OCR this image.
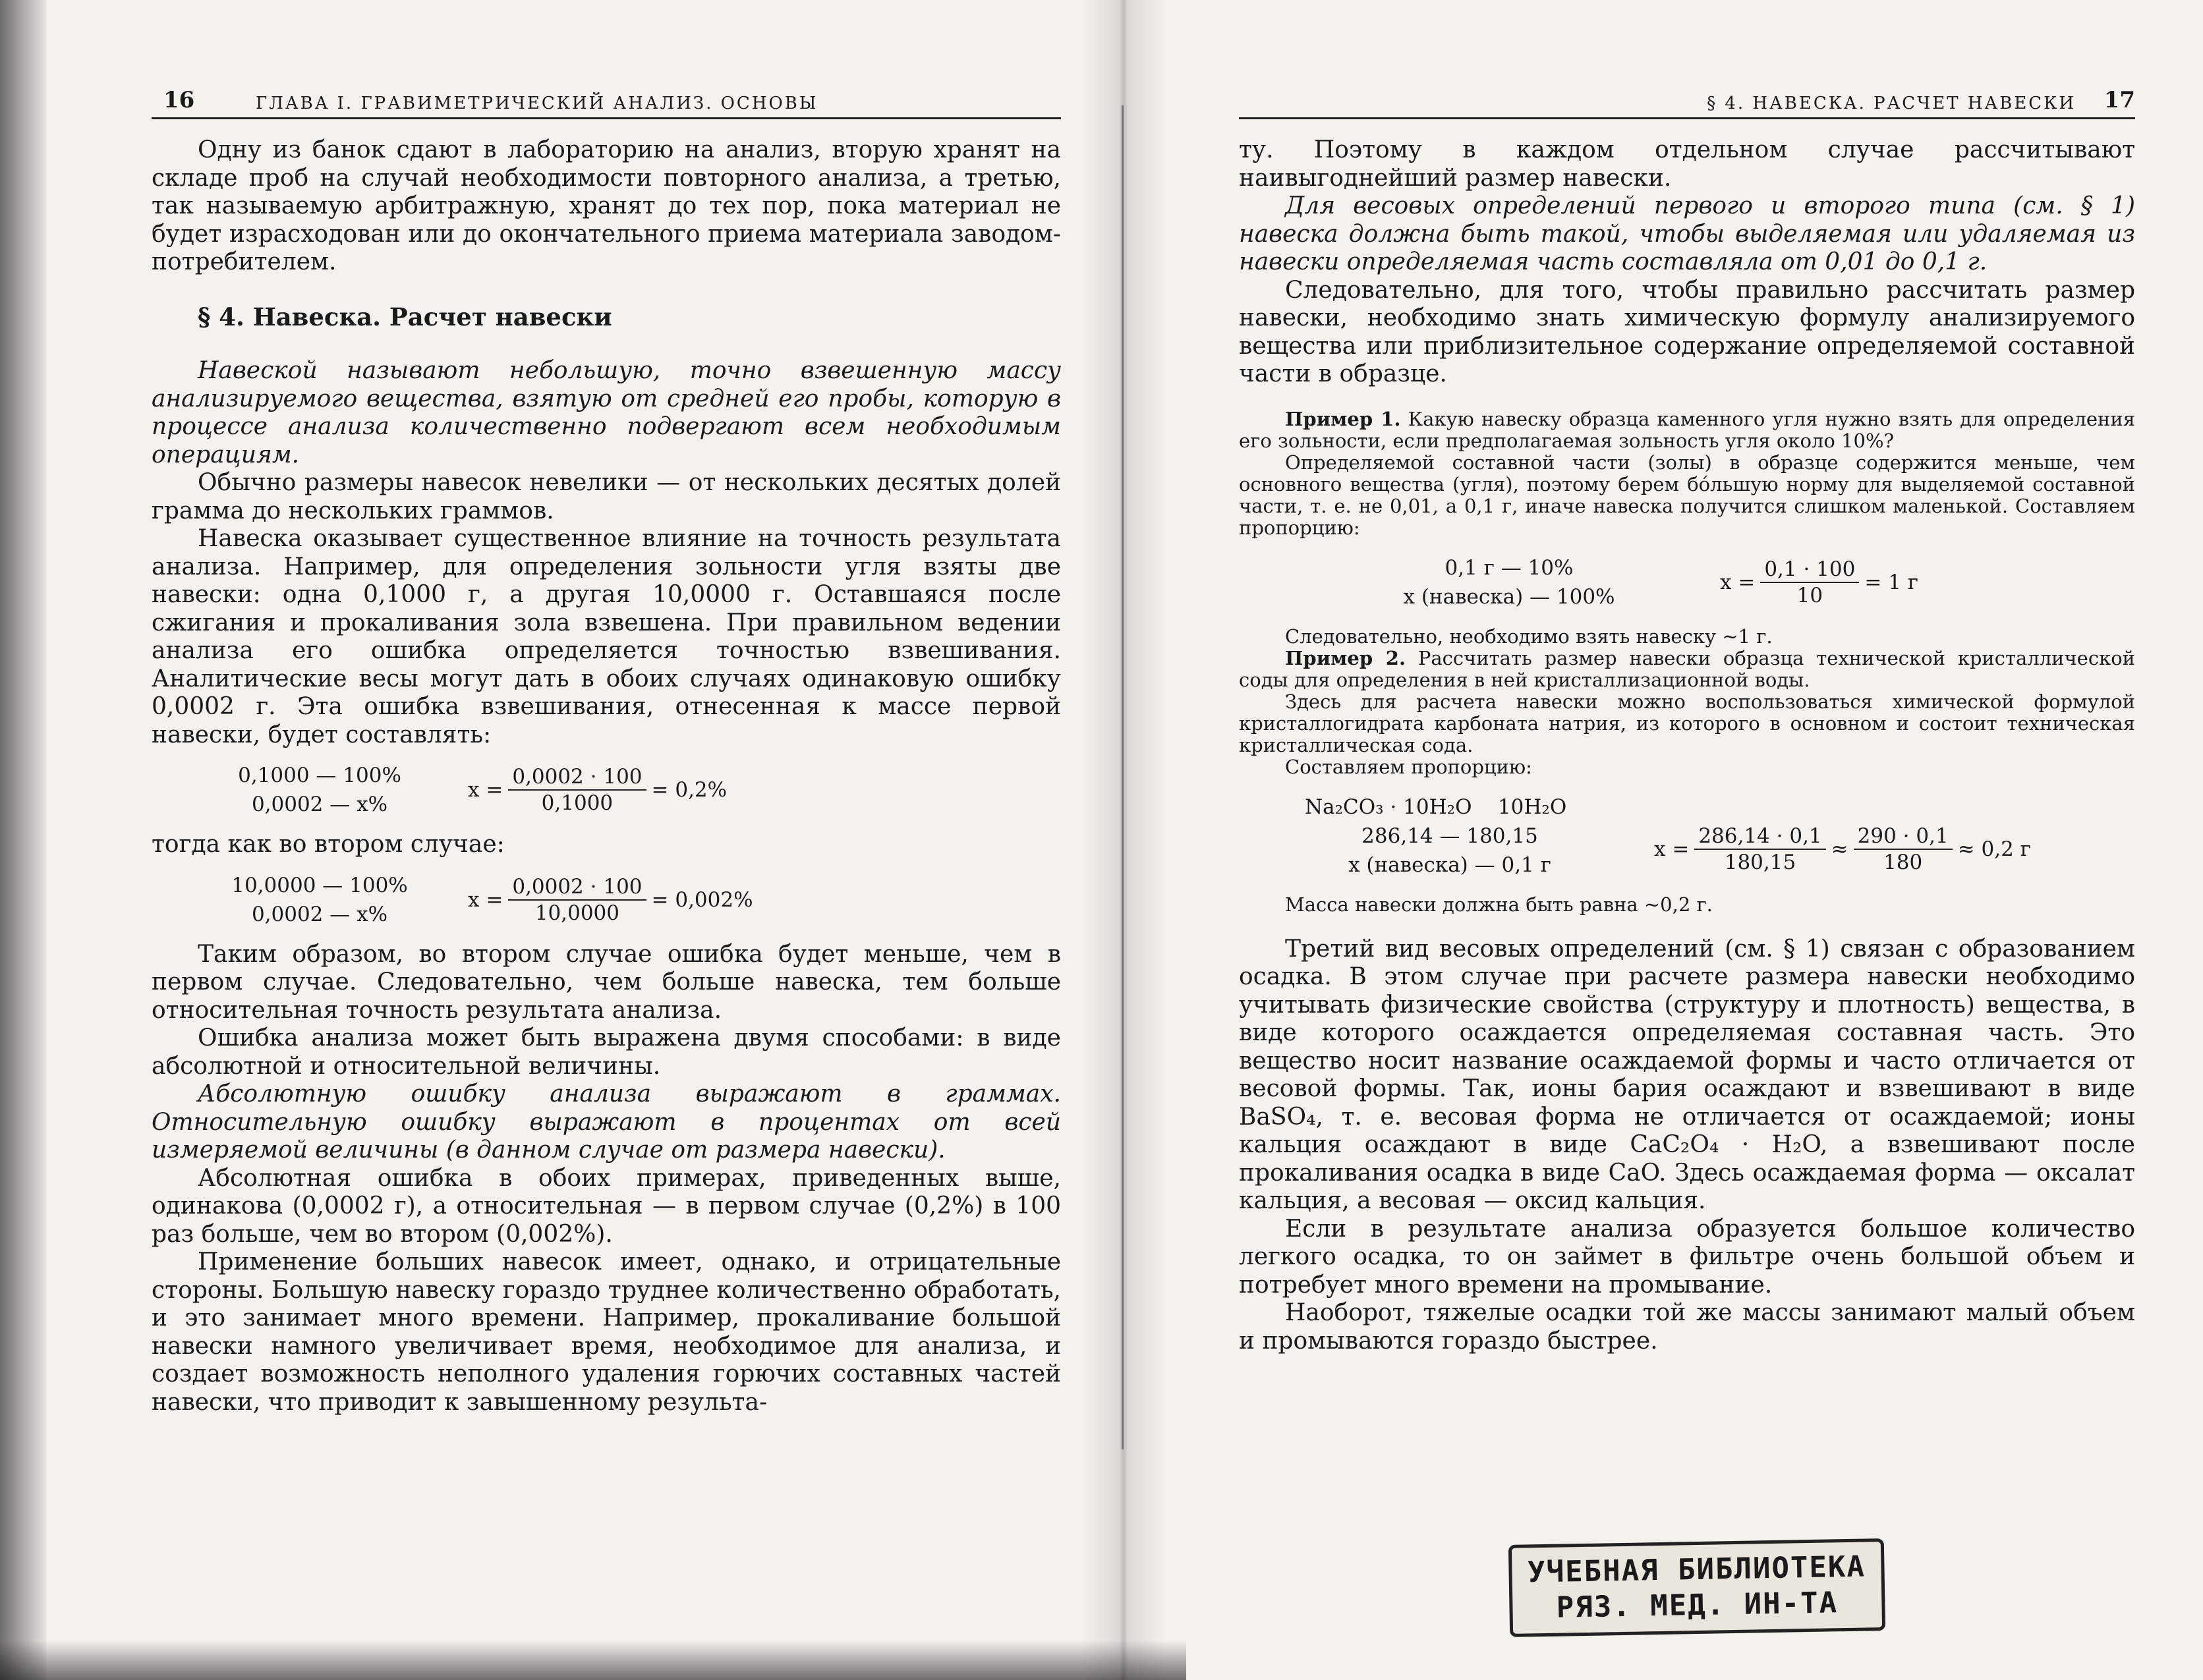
16	ГЛАВА I. ГРАВИМЕТРИЧЕСКИЙ АНАЛИЗ. ОСНОВЫ

Одну из банок сдают в лабораторию на анализ, вторую хранят на складе проб на случай необходимости повторного анализа, а третью, так называемую арбитражную, хранят до тех пор, пока материал не будет израсходован или до окончательного приема материала заводом-потребителем.

§ 4. Навеска. Расчет навески

Навеской называют небольшую, точно взвешенную массу анализируемого вещества, взятую от средней его пробы, которую в процессе анализа количественно подвергают всем необходимым операциям.

Обычно размеры навесок невелики — от нескольких десятых долей грамма до нескольких граммов.

Навеска оказывает существенное влияние на точность результата анализа. Например, для определения зольности угля взяты две навески: одна 0,1000 г, а другая 10,0000 г. Оставшаяся после сжигания и прокаливания зола взвешена. При правильном ведении анализа его ошибка определяется точностью взвешивания. Аналитические весы могут дать в обоих случаях одинаковую ошибку 0,0002 г. Эта ошибка взвешивания, отнесенная к массе первой навески, будет составлять:

0,1000 — 100%
0,0002 — x%
$x = \frac{0,0002 \cdot 100}{0,1000} = 0,2\%$

тогда как во втором случае:

10,0000 — 100%
0,0002 — x%
$x = \frac{0,0002 \cdot 100}{10,0000} = 0,002\%$

Таким образом, во втором случае ошибка будет меньше, чем в первом случае. Следовательно, чем больше навеска, тем больше относительная точность результата анализа.

Ошибка анализа может быть выражена двумя способами: в виде абсолютной и относительной величины.

Абсолютную ошибку анализа выражают в граммах. Относительную ошибку выражают в процентах от всей измеряемой величины (в данном случае от размера навески).

Абсолютная ошибка в обоих примерах, приведенных выше, одинакова (0,0002 г), а относительная — в первом случае (0,2%) в 100 раз больше, чем во втором (0,002%).

Применение больших навесок имеет, однако, и отрицательные стороны. Большую навеску гораздо труднее количественно обработать, и это занимает много времени. Например, прокаливание большой навески намного увеличивает время, необходимое для анализа, и создает возможность неполного удаления горючих составных частей навески, что приводит к завышенному результа-

§ 4. НАВЕСКА. РАСЧЕТ НАВЕСКИ 17

ту. Поэтому в каждом отдельном случае рассчитывают наивыгоднейший размер навески.

Для весовых определений первого и второго типа (см. § 1) навеска должна быть такой, чтобы выделяемая или удаляемая из навески определяемая часть составляла от 0,01 до 0,1 г.

Следовательно, для того, чтобы правильно рассчитать размер навески, необходимо знать химическую формулу анализируемого вещества или приблизительное содержание определяемой составной части в образце.

Пример 1. Какую навеску образца каменного угля нужно взять для определения его зольности, если предполагаемая зольность угля около 10%?

Определяемой составной части (золы) в образце содержится меньше, чем основного вещества (угля), поэтому берем бо́льшую норму для выделяемой составной части, т. е. не 0,01, а 0,1 г, иначе навеска получится слишком маленькой. Составляем пропорцию:

0,1 г — 10%
x (навеска) — 100%
$x = \frac{0,1 \cdot 100}{10} = 1$ г

Следовательно, необходимо взять навеску ∼1 г.

Пример 2. Рассчитать размер навески образца технической кристаллической соды для определения в ней кристаллизационной воды.

Здесь для расчета навески можно воспользоваться химической формулой кристаллогидрата карбоната натрия, из которого в основном и состоит техническая кристаллическая сода.

Составляем пропорцию:

Na₂CO₃ · 10H₂O 10H₂O
286,14 — 180,15
x (навеска) — 0,1 г
$x = \frac{286,14 \cdot 0,1}{180,15} \approx \frac{290 \cdot 0,1}{180} \approx 0,2$ г

Масса навески должна быть равна ∼0,2 г.

Третий вид весовых определений (см. § 1) связан с образованием осадка. В этом случае при расчете размера навески необходимо учитывать физические свойства (структуру и плотность) вещества, в виде которого осаждается определяемая составная часть. Это вещество носит название осаждаемой формы и часто отличается от весовой формы. Так, ионы бария осаждают и взвешивают в виде BaSO₄, т. е. весовая форма не отличается от осаждаемой; ионы кальция осаждают в виде CaC₂O₄ · H₂O, а взвешивают после прокаливания осадка в виде CaO. Здесь осаждаемая форма — оксалат кальция, а весовая — оксид кальция.

Если в результате анализа образуется большое количество легкого осадка, то он займет в фильтре очень большой объем и потребует много времени на промывание.

Наоборот, тяжелые осадки той же массы занимают малый объем и промываются гораздо быстрее.

УЧЕБНАЯ БИБЛИОТЕКА
РЯЗ. МЕД. ИН-ТА
